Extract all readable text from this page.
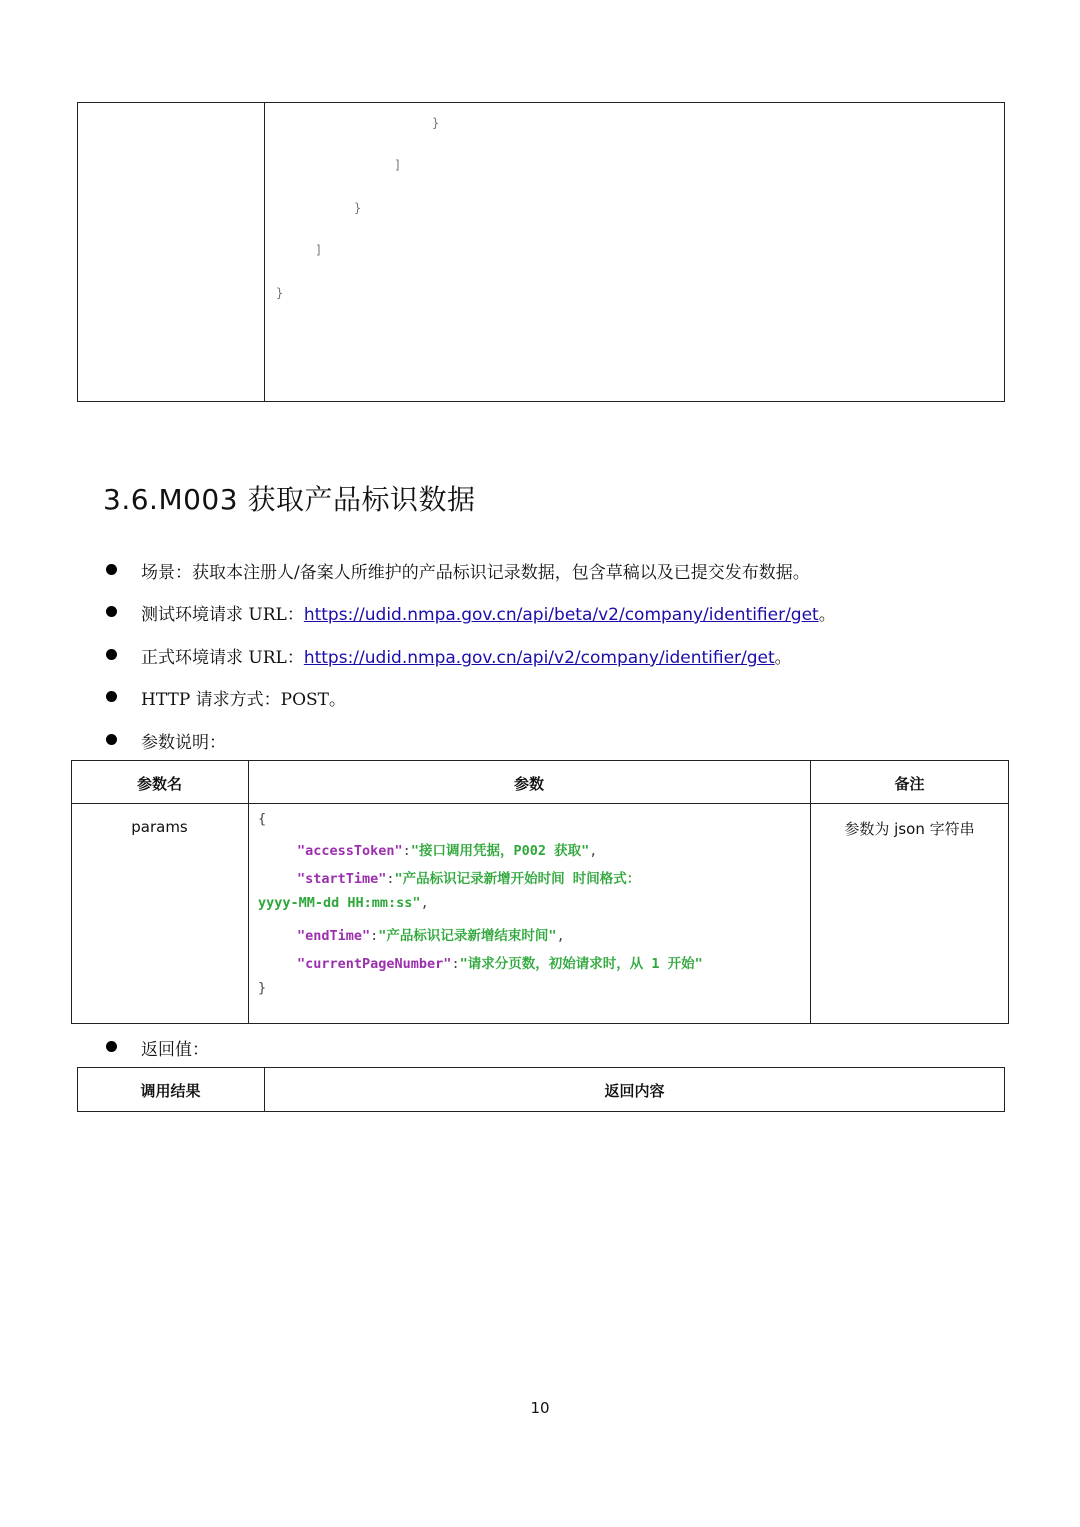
}
]
}
]
}
3.6.M003 获取产品标识数据
场景：获取本注册人/备案人所维护的产品标识记录数据，包含草稿以及已提交发布数据。
测试环境请求 URL：https://udid.nmpa.gov.cn/api/beta/v2/company/identifier/get。
正式环境请求 URL：https://udid.nmpa.gov.cn/api/v2/company/identifier/get。
HTTP 请求方式：POST。
参数说明：
参数名	参数	备注
params	{
"accessToken":"接口调用凭据，P002 获取",
"startTime":"产品标识记录新增开始时间 时间格式：
yyyy-MM-dd HH:mm:ss",
"endTime":"产品标识记录新增结束时间",
"currentPageNumber":"请求分页数，初始请求时，从 1 开始"
}
参数为 json 字符串
返回值：
调用结果	返回内容
10
